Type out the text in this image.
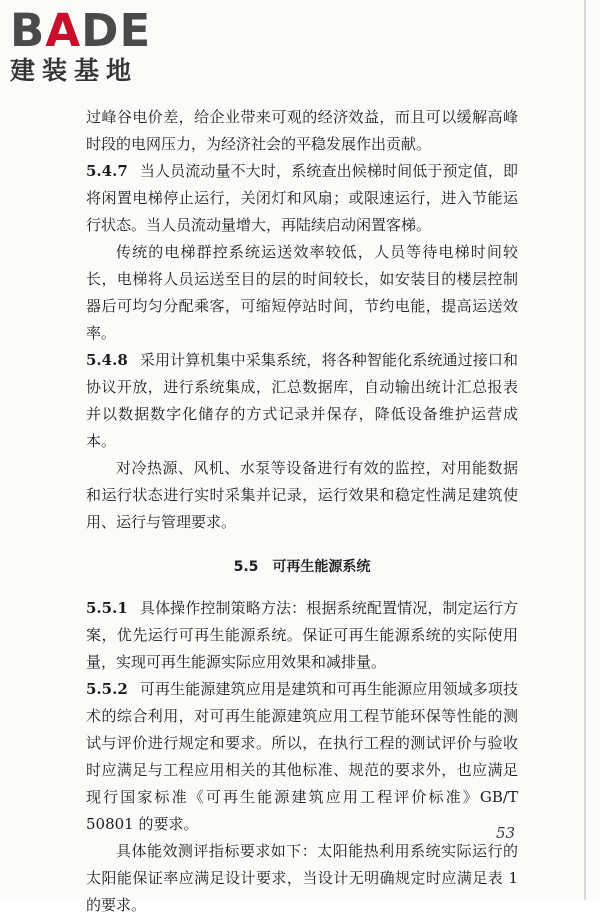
BADE
建装基地

过峰谷电价差，给企业带来可观的经济效益，而且可以缓解高峰时段的电网压力，为经济社会的平稳发展作出贡献。

5.4.7 当人员流动量不大时，系统查出候梯时间低于预定值，即将闲置电梯停止运行，关闭灯和风扇；或限速运行，进入节能运行状态。当人员流动量增大，再陆续启动闲置客梯。

传统的电梯群控系统运送效率较低，人员等待电梯时间较长，电梯将人员运送至目的层的时间较长，如安装目的楼层控制器后可均匀分配乘客，可缩短停站时间，节约电能，提高运送效率。

5.4.8 采用计算机集中采集系统，将各种智能化系统通过接口和协议开放，进行系统集成，汇总数据库，自动输出统计汇总报表并以数据数字化储存的方式记录并保存，降低设备维护运营成本。

对冷热源、风机、水泵等设备进行有效的监控，对用能数据和运行状态进行实时采集并记录，运行效果和稳定性满足建筑使用、运行与管理要求。

5.5 可再生能源系统

5.5.1 具体操作控制策略方法：根据系统配置情况，制定运行方案，优先运行可再生能源系统。保证可再生能源系统的实际使用量，实现可再生能源实际应用效果和减排量。

5.5.2 可再生能源建筑应用是建筑和可再生能源应用领域多项技术的综合利用，对可再生能源建筑应用工程节能环保等性能的测试与评价进行规定和要求。所以，在执行工程的测试评价与验收时应满足与工程应用相关的其他标准、规范的要求外，也应满足现行国家标准《可再生能源建筑应用工程评价标准》GB/T 50801 的要求。

具体能效测评指标要求如下：太阳能热利用系统实际运行的太阳能保证率应满足设计要求，当设计无明确规定时应满足表 1 的要求。

53
